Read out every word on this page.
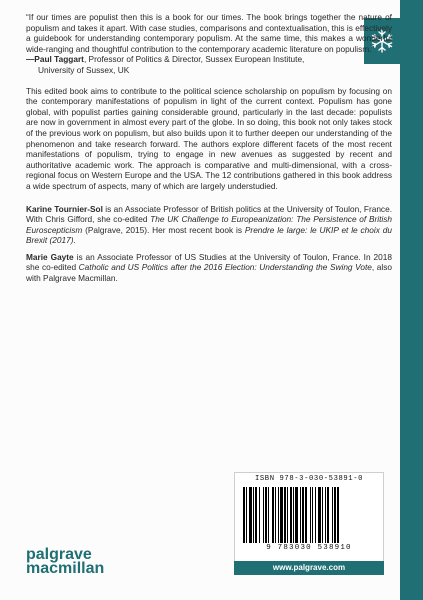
“If our times are populist then this is a book for our times. The book brings together the nature of populism and takes it apart. With case studies, comparisons and contextualisation, this is effectively a guidebook for understanding contemporary populism. At the same time, this makes a wonderful wide-ranging and thoughtful contribution to the contemporary academic literature on populism.”

—Paul Taggart, Professor of Politics & Director, Sussex European Institute,
University of Sussex, UK

This edited book aims to contribute to the political science scholarship on populism by focusing on the contemporary manifestations of populism in light of the current context. Populism has gone global, with populist parties gaining considerable ground, particularly in the last decade: populists are now in government in almost every part of the globe. In so doing, this book not only takes stock of the previous work on populism, but also builds upon it to further deepen our understanding of the phenomenon and take research forward. The authors explore different facets of the most recent manifestations of populism, trying to engage in new avenues as suggested by recent and authoritative academic work. The approach is comparative and multi-dimensional, with a cross-regional focus on Western Europe and the USA. The 12 contributions gathered in this book address a wide spectrum of aspects, many of which are largely understudied.

Karine Tournier-Sol is an Associate Professor of British politics at the University of Toulon, France. With Chris Gifford, she co-edited The UK Challenge to Europeanization: The Persistence of British Euroscepticism (Palgrave, 2015). Her most recent book is Prendre le large: le UKIP et le choix du Brexit (2017).

Marie Gayte is an Associate Professor of US Studies at the University of Toulon, France. In 2018 she co-edited Catholic and US Politics after the 2016 Election: Understanding the Swing Vote, also with Palgrave Macmillan.

ISBN 978-3-030-53891-0
9 783030 538910
www.palgrave.com
palgrave
macmillan
